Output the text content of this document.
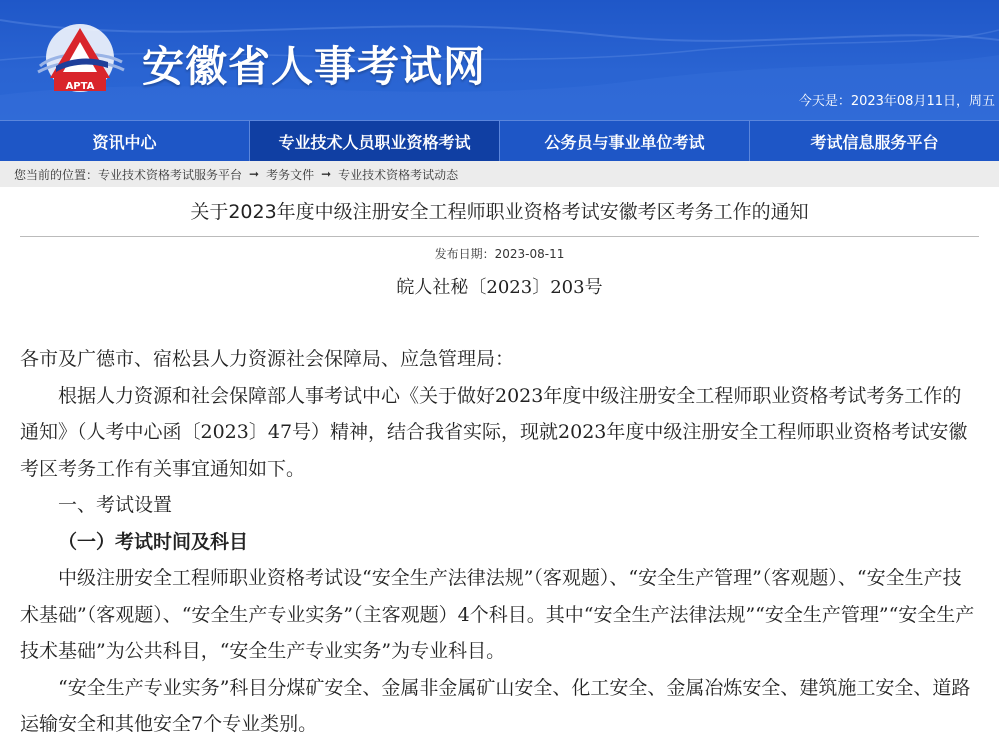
APTA 安徽省人事考试网
今天是：2023年08月11日，周五
资讯中心	专业技术人员职业资格考试	公务员与事业单位考试	考试信息服务平台
您当前的位置： 专业技术资格考试服务平台 ➞ 考务文件 ➞ 专业技术资格考试动态
关于2023年度中级注册安全工程师职业资格考试安徽考区考务工作的通知
发布日期：2023-08-11
皖人社秘〔2023〕203号

各市及广德市、宿松县人力资源社会保障局、应急管理局：

根据人力资源和社会保障部人事考试中心《关于做好2023年度中级注册安全工程师职业资格考试考务工作的通知》（人考中心函〔2023〕47号）精神，结合我省实际，现就2023年度中级注册安全工程师职业资格考试安徽考区考务工作有关事宜通知如下。

一、考试设置

（一）考试时间及科目

中级注册安全工程师职业资格考试设“安全生产法律法规”（客观题）、“安全生产管理”（客观题）、“安全生产技术基础”（客观题）、“安全生产专业实务”（主客观题）4个科目。其中“安全生产法律法规”“安全生产管理”“安全生产技术基础”为公共科目，“安全生产专业实务”为专业科目。

“安全生产专业实务”科目分煤矿安全、金属非金属矿山安全、化工安全、金属冶炼安全、建筑施工安全、道路运输安全和其他安全7个专业类别。
